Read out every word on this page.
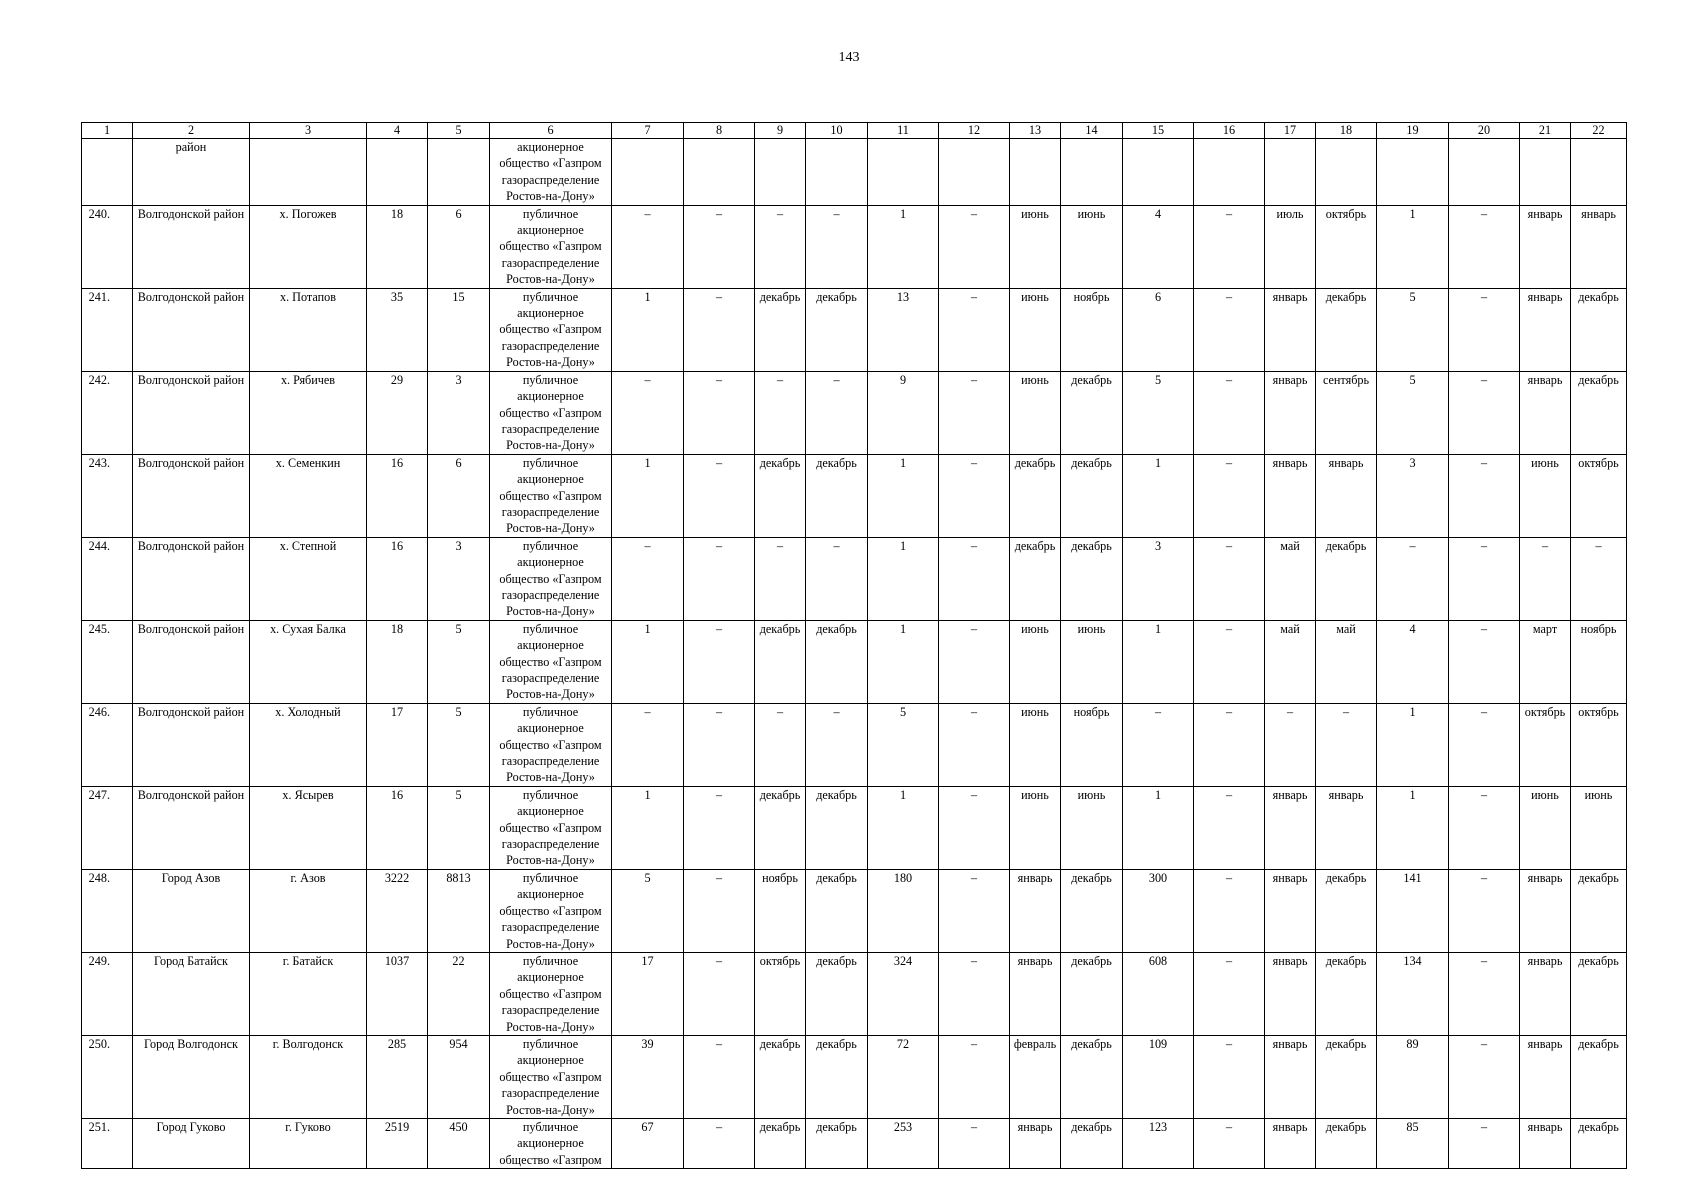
143
1	2	3	4	5	6	7	8	9	10	11	12	13	14	15	16	17	18	19	20	21	22
	район				акционерное общество «Газпром газораспределение Ростов-на-Дону»																
240.	Волгодонской район	х. Погожев	18	6	публичное акционерное общество «Газпром газораспределение Ростов-на-Дону»	–	–	–	–	1	–	июнь	июнь	4	–	июль	октябрь	1	–	январь	январь
241.	Волгодонской район	х. Потапов	35	15	публичное акционерное общество «Газпром газораспределение Ростов-на-Дону»	1	–	декабрь	декабрь	13	–	июнь	ноябрь	6	–	январь	декабрь	5	–	январь	декабрь
242.	Волгодонской район	х. Рябичев	29	3	публичное акционерное общество «Газпром газораспределение Ростов-на-Дону»	–	–	–	–	9	–	июнь	декабрь	5	–	январь	сентябрь	5	–	январь	декабрь
243.	Волгодонской район	х. Семенкин	16	6	публичное акционерное общество «Газпром газораспределение Ростов-на-Дону»	1	–	декабрь	декабрь	1	–	декабрь	декабрь	1	–	январь	январь	3	–	июнь	октябрь
244.	Волгодонской район	х. Степной	16	3	публичное акционерное общество «Газпром газораспределение Ростов-на-Дону»	–	–	–	–	1	–	декабрь	декабрь	3	–	май	декабрь	–	–	–	–
245.	Волгодонской район	х. Сухая Балка	18	5	публичное акционерное общество «Газпром газораспределение Ростов-на-Дону»	1	–	декабрь	декабрь	1	–	июнь	июнь	1	–	май	май	4	–	март	ноябрь
246.	Волгодонской район	х. Холодный	17	5	публичное акционерное общество «Газпром газораспределение Ростов-на-Дону»	–	–	–	–	5	–	июнь	ноябрь	–	–	–	–	1	–	октябрь	октябрь
247.	Волгодонской район	х. Ясырев	16	5	публичное акционерное общество «Газпром газораспределение Ростов-на-Дону»	1	–	декабрь	декабрь	1	–	июнь	июнь	1	–	январь	январь	1	–	июнь	июнь
248.	Город Азов	г. Азов	3222	8813	публичное акционерное общество «Газпром газораспределение Ростов-на-Дону»	5	–	ноябрь	декабрь	180	–	январь	декабрь	300	–	январь	декабрь	141	–	январь	декабрь
249.	Город Батайск	г. Батайск	1037	22	публичное акционерное общество «Газпром газораспределение Ростов-на-Дону»	17	–	октябрь	декабрь	324	–	январь	декабрь	608	–	январь	декабрь	134	–	январь	декабрь
250.	Город Волгодонск	г. Волгодонск	285	954	публичное акционерное общество «Газпром газораспределение Ростов-на-Дону»	39	–	декабрь	декабрь	72	–	февраль	декабрь	109	–	январь	декабрь	89	–	январь	декабрь
251.	Город Гуково	г. Гуково	2519	450	публичное акционерное общество «Газпром	67	–	декабрь	декабрь	253	–	январь	декабрь	123	–	январь	декабрь	85	–	январь	декабрь
